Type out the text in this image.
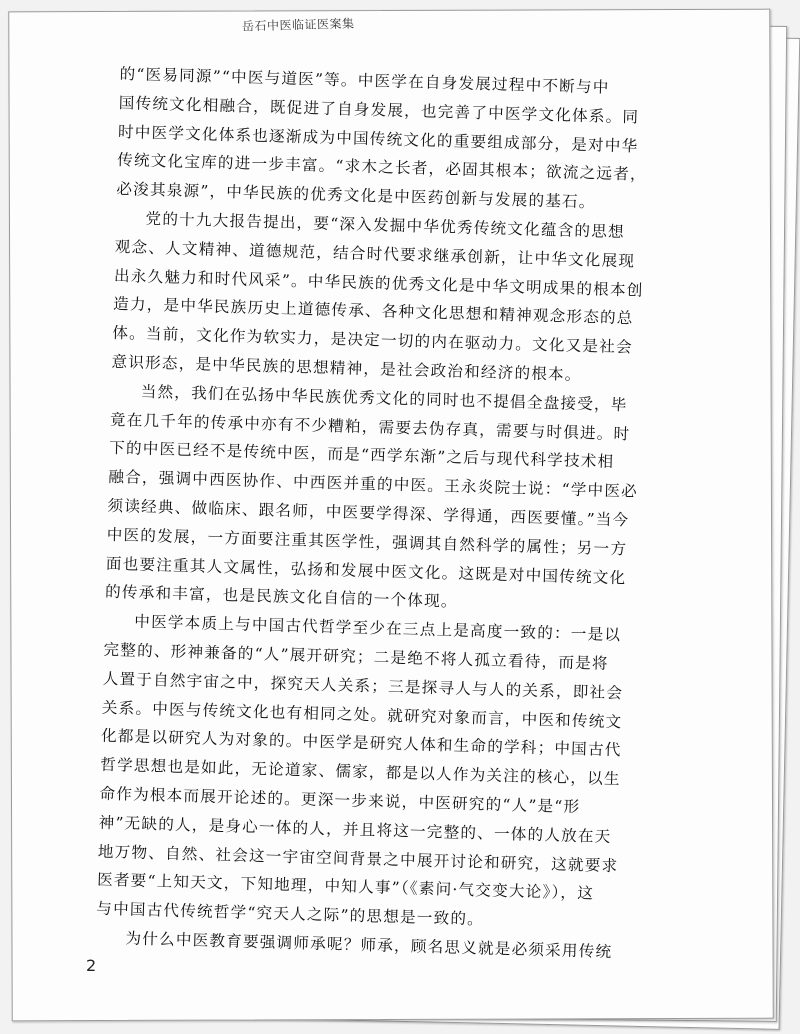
岳石中医临证医案集
的“医易同源”“中医与道医”等。中医学在自身发展过程中不断与中
国传统文化相融合，既促进了自身发展，也完善了中医学文化体系。同
时中医学文化体系也逐渐成为中国传统文化的重要组成部分，是对中华
传统文化宝库的进一步丰富。“求木之长者，必固其根本；欲流之远者，
必浚其泉源”，中华民族的优秀文化是中医药创新与发展的基石。
党的十九大报告提出，要“深入发掘中华优秀传统文化蕴含的思想
观念、人文精神、道德规范，结合时代要求继承创新，让中华文化展现
出永久魅力和时代风采”。中华民族的优秀文化是中华文明成果的根本创
造力，是中华民族历史上道德传承、各种文化思想和精神观念形态的总
体。当前，文化作为软实力，是决定一切的内在驱动力。文化又是社会
意识形态，是中华民族的思想精神，是社会政治和经济的根本。
当然，我们在弘扬中华民族优秀文化的同时也不提倡全盘接受，毕
竟在几千年的传承中亦有不少糟粕，需要去伪存真，需要与时俱进。时
下的中医已经不是传统中医，而是“西学东渐”之后与现代科学技术相
融合，强调中西医协作、中西医并重的中医。王永炎院士说：“学中医必
须读经典、做临床、跟名师，中医要学得深、学得通，西医要懂。”当今
中医的发展，一方面要注重其医学性，强调其自然科学的属性；另一方
面也要注重其人文属性，弘扬和发展中医文化。这既是对中国传统文化
的传承和丰富，也是民族文化自信的一个体现。
中医学本质上与中国古代哲学至少在三点上是高度一致的：一是以
完整的、形神兼备的“人”展开研究；二是绝不将人孤立看待，而是将
人置于自然宇宙之中，探究天人关系；三是探寻人与人的关系，即社会
关系。中医与传统文化也有相同之处。就研究对象而言，中医和传统文
化都是以研究人为对象的。中医学是研究人体和生命的学科；中国古代
哲学思想也是如此，无论道家、儒家，都是以人作为关注的核心，以生
命作为根本而展开论述的。更深一步来说，中医研究的“人”是“形
神”无缺的人，是身心一体的人，并且将这一完整的、一体的人放在天
地万物、自然、社会这一宇宙空间背景之中展开讨论和研究，这就要求
医者要“上知天文，下知地理，中知人事”（《素问·气交变大论》），这
与中国古代传统哲学“究天人之际”的思想是一致的。
为什么中医教育要强调师承呢？师承，顾名思义就是必须采用传统
2
